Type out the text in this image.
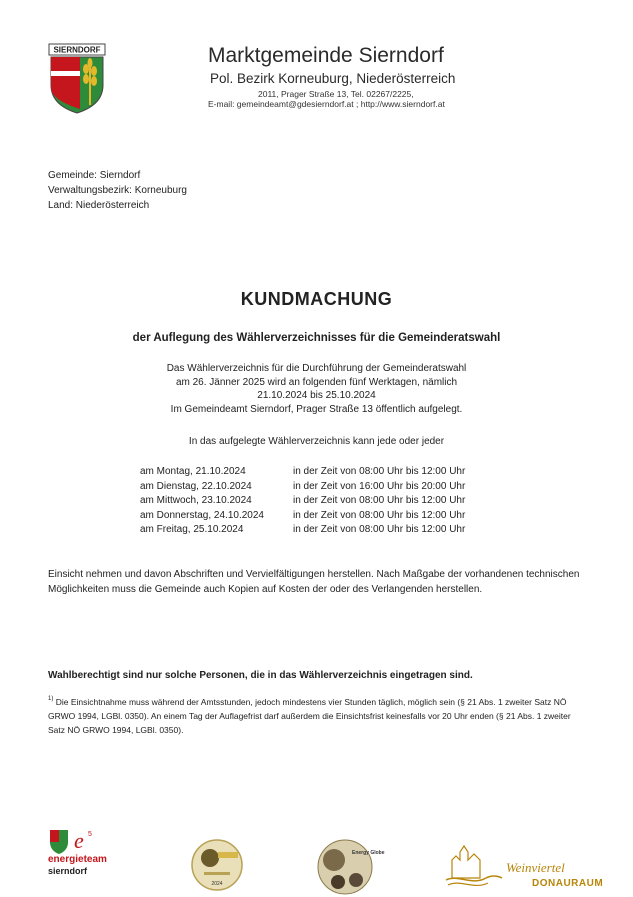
SIERNDORF	Marktgemeinde Sierndorf
Pol. Bezirk Korneuburg, Niederösterreich
2011, Prager Straße 13, Tel. 02267/2225,
E-mail: gemeindeamt@gdesierndorf.at ; http://www.sierndorf.at
Gemeinde: Sierndorf
Verwaltungsbezirk: Korneuburg
Land: Niederösterreich
KUNDMACHUNG
der Auflegung des Wählerverzeichnisses für die Gemeinderatswahl
Das Wählerverzeichnis für die Durchführung der Gemeinderatswahl
am 26. Jänner 2025 wird an folgenden fünf Werktagen, nämlich
21.10.2024 bis 25.10.2024
Im Gemeindeamt Sierndorf, Prager Straße 13 öffentlich aufgelegt.
In das aufgelegte Wählerverzeichnis kann jede oder jeder
am Montag, 21.10.2024	in der Zeit von 08:00 Uhr bis 12:00 Uhr
am Dienstag, 22.10.2024	in der Zeit von 16:00 Uhr bis 20:00 Uhr
am Mittwoch, 23.10.2024	in der Zeit von 08:00 Uhr bis 12:00 Uhr
am Donnerstag, 24.10.2024	in der Zeit von 08:00 Uhr bis 12:00 Uhr
am Freitag, 25.10.2024	in der Zeit von 08:00 Uhr bis 12:00 Uhr
Einsicht nehmen und davon Abschriften und Vervielfältigungen herstellen. Nach Maßgabe der vorhandenen technischen Möglichkeiten muss die Gemeinde auch Kopien auf Kosten der oder des Verlangenden herstellen.
Wahlberechtigt sind nur solche Personen, die in das Wählerverzeichnis eingetragen sind.
$^{1)}$ Die Einsichtnahme muss während der Amtsstunden, jedoch mindestens vier Stunden täglich, möglich sein (§ 21 Abs. 1 zweiter Satz NÖ GRWO 1994, LGBl. 0350). An einem Tag der Auflagefrist darf außerdem die Einsichtsfrist keinesfalls vor 20 Uhr enden (§ 21 Abs. 1 zweiter Satz NÖ GRWO 1994, LGBl. 0350).
e 5
energieteam
sierndorf
2024
Energy Globe
Weinviertel
DONAURAUM
